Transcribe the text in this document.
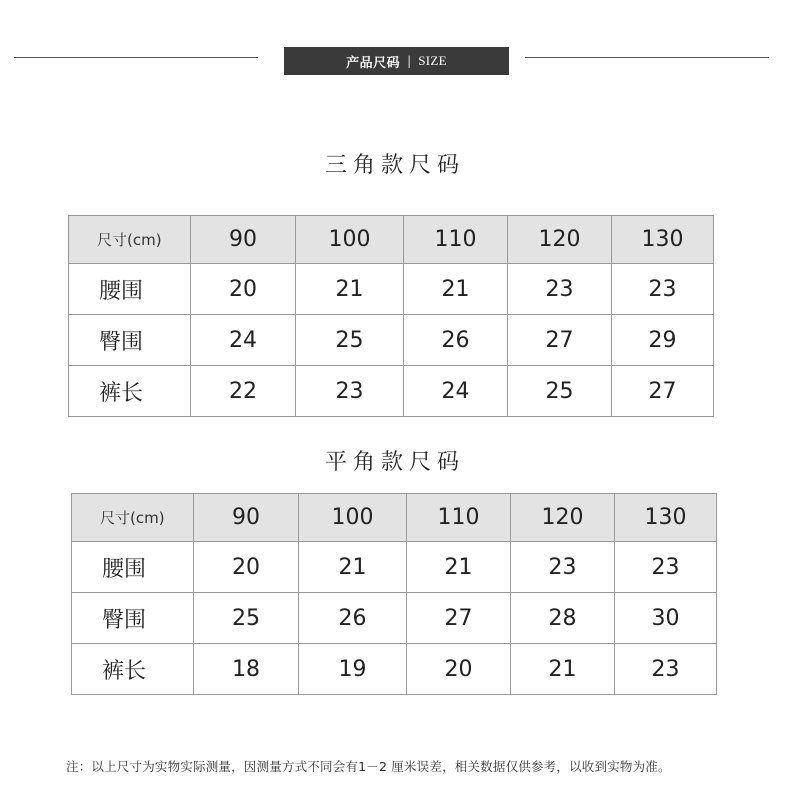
产品尺码 | SIZE
三角款尺码
尺寸(cm)	90	100	110	120	130
腰围	20	21	21	23	23
臀围	24	25	26	27	29
裤长	22	23	24	25	27
平角款尺码
尺寸(cm)	90	100	110	120	130
腰围	20	21	21	23	23
臀围	25	26	27	28	30
裤长	18	19	20	21	23
注：以上尺寸为实物实际测量，因测量方式不同会有1－2 厘米误差，相关数据仅供参考，以收到实物为准。
